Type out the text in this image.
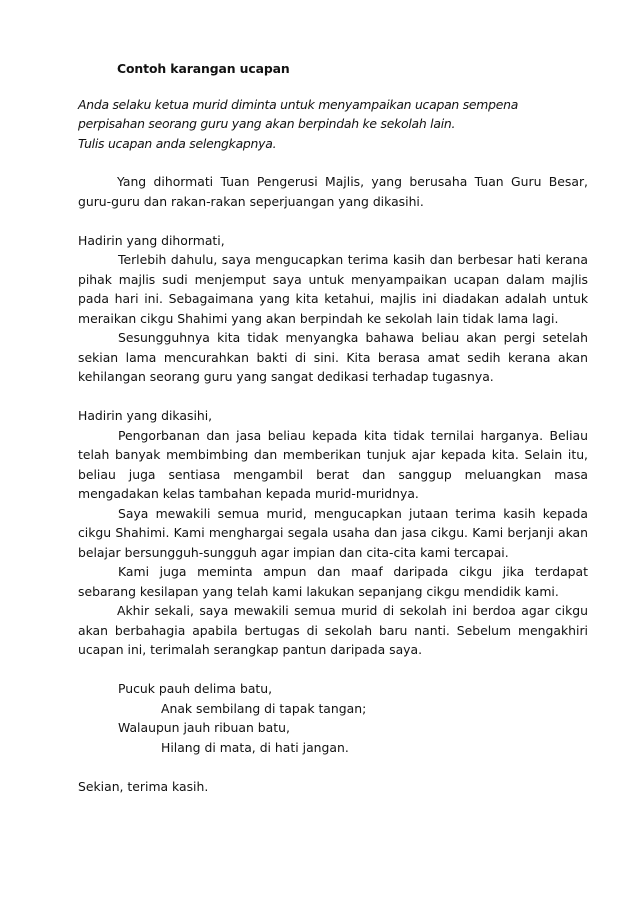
Contoh karangan ucapan
Anda selaku ketua murid diminta untuk menyampaikan ucapan sempena
perpisahan seorang guru yang akan berpindah ke sekolah lain.
Tulis ucapan anda selengkapnya.

Yang dihormati Tuan Pengerusi Majlis, yang berusaha Tuan Guru Besar, guru-guru dan rakan-rakan seperjuangan yang dikasihi.

Hadirin yang dihormati,

Terlebih dahulu, saya mengucapkan terima kasih dan berbesar hati kerana pihak majlis sudi menjemput saya untuk menyampaikan ucapan dalam majlis pada hari ini. Sebagaimana yang kita ketahui, majlis ini diadakan adalah untuk meraikan cikgu Shahimi yang akan berpindah ke sekolah lain tidak lama lagi.

Sesungguhnya kita tidak menyangka bahawa beliau akan pergi setelah sekian lama mencurahkan bakti di sini. Kita berasa amat sedih kerana akan kehilangan seorang guru yang sangat dedikasi terhadap tugasnya.

Hadirin yang dikasihi,

Pengorbanan dan jasa beliau kepada kita tidak ternilai harganya. Beliau telah banyak membimbing dan memberikan tunjuk ajar kepada kita. Selain itu, beliau juga sentiasa mengambil berat dan sanggup meluangkan masa mengadakan kelas tambahan kepada murid-muridnya.

Saya mewakili semua murid, mengucapkan jutaan terima kasih kepada cikgu Shahimi. Kami menghargai segala usaha dan jasa cikgu. Kami berjanji akan belajar bersungguh-sungguh agar impian dan cita-cita kami tercapai.

Kami juga meminta ampun dan maaf daripada cikgu jika terdapat sebarang kesilapan yang telah kami lakukan sepanjang cikgu mendidik kami.

Akhir sekali, saya mewakili semua murid di sekolah ini berdoa agar cikgu akan berbahagia apabila bertugas di sekolah baru nanti. Sebelum mengakhiri ucapan ini, terimalah serangkap pantun daripada saya.

Pucuk pauh delima batu,
Anak sembilang di tapak tangan;
Walaupun jauh ribuan batu,
Hilang di mata, di hati jangan.

Sekian, terima kasih.
